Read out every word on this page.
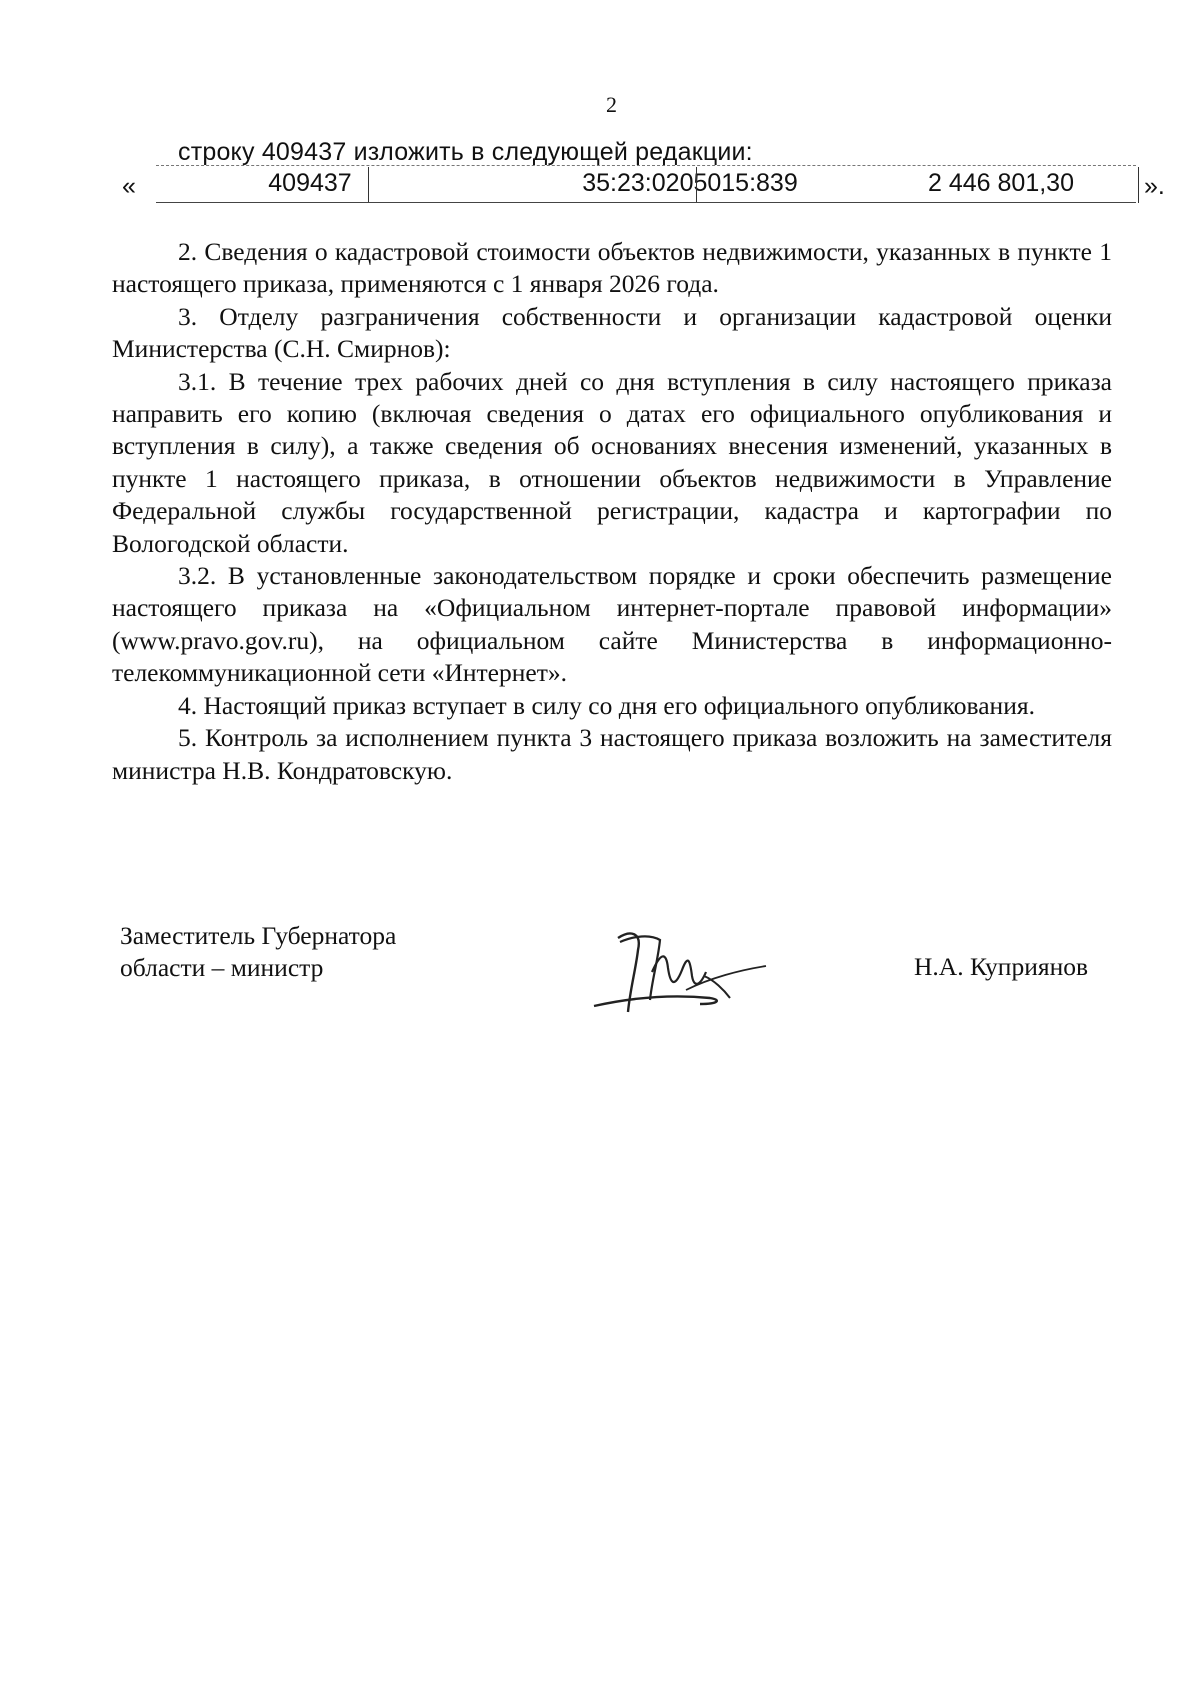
2
строку 409437 изложить в следующей редакции:
«	409437	35:23:0205015:839	2 446 801,30	».

2. Сведения о кадастровой стоимости объектов недвижимости, указанных в пункте 1 настоящего приказа, применяются с 1 января 2026 года.

3. Отделу разграничения собственности и организации кадастровой оценки Министерства (С.Н. Смирнов):

3.1. В течение трех рабочих дней со дня вступления в силу настоящего приказа направить его копию (включая сведения о датах его официального опубликования и вступления в силу), а также сведения об основаниях внесения изменений, указанных в пункте 1 настоящего приказа, в отношении объектов недвижимости в Управление Федеральной службы государственной регистрации, кадастра и картографии по Вологодской области.

3.2. В установленные законодательством порядке и сроки обеспечить размещение настоящего приказа на «Официальном интернет-портале правовой информации» (www.pravo.gov.ru), на официальном сайте Министерства в информационно-телекоммуникационной сети «Интернет».

4. Настоящий приказ вступает в силу со дня его официального опубликования.

5. Контроль за исполнением пункта 3 настоящего приказа возложить на заместителя министра Н.В. Кондратовскую.

Заместитель Губернатора
области – министр	Н.А. Куприянов
